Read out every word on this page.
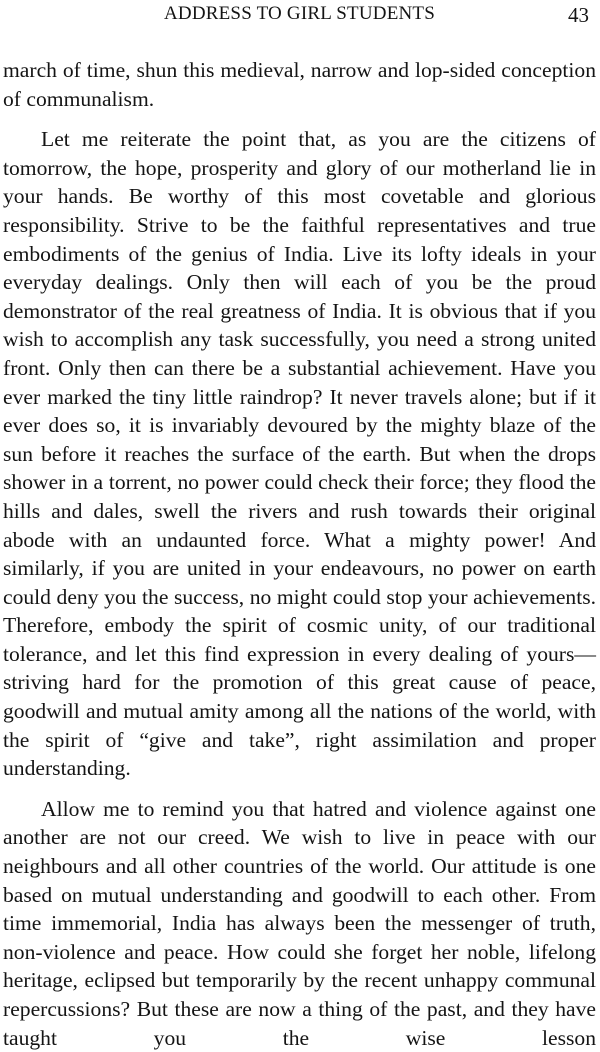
ADDRESS TO GIRL STUDENTS	43

march of time, shun this medieval, narrow and lop-sided conception of communalism.

Let me reiterate the point that, as you are the citizens of tomorrow, the hope, prosperity and glory of our motherland lie in your hands. Be worthy of this most covetable and glorious responsibility. Strive to be the faithful representatives and true embodiments of the genius of India. Live its lofty ideals in your everyday dealings. Only then will each of you be the proud demonstrator of the real greatness of India. It is obvious that if you wish to accomplish any task successfully, you need a strong united front. Only then can there be a substantial achievement. Have you ever marked the tiny little raindrop? It never travels alone; but if it ever does so, it is invariably devoured by the mighty blaze of the sun before it reaches the surface of the earth. But when the drops shower in a torrent, no power could check their force; they flood the hills and dales, swell the rivers and rush towards their original abode with an undaunted force. What a mighty power! And similarly, if you are united in your endeavours, no power on earth could deny you the success, no might could stop your achievements. Therefore, embody the spirit of cosmic unity, of our traditional tolerance, and let this find expression in every dealing of yours—striving hard for the promotion of this great cause of peace, goodwill and mutual amity among all the nations of the world, with the spirit of “give and take”, right assimilation and proper understanding.

Allow me to remind you that hatred and violence against one another are not our creed. We wish to live in peace with our neighbours and all other countries of the world. Our attitude is one based on mutual understanding and goodwill to each other. From time immemorial, India has always been the messenger of truth, non-violence and peace. How could she forget her noble, lifelong heritage, eclipsed but temporarily by the recent unhappy communal repercussions? But these are now a thing of the past, and they have taught you the wise lesson
